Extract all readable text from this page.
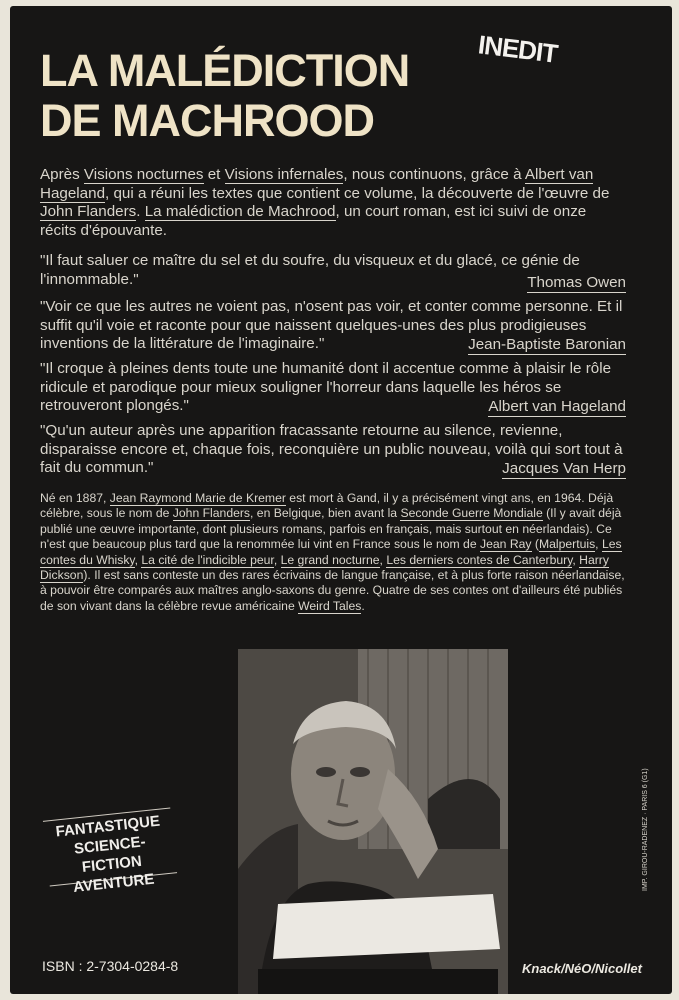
LA MALÉDICTION
DE MACHROOD
INEDIT

Après Visions nocturnes et Visions infernales, nous continuons, grâce à Albert van Hageland, qui a réuni les textes que contient ce volume, la découverte de l'œuvre de John Flanders. La malédiction de Machrood, un court roman, est ici suivi de onze récits d'épouvante.

"Il faut saluer ce maître du sel et du soufre, du visqueux et du glacé, ce génie de l'innommable."	Thomas Owen

"Voir ce que les autres ne voient pas, n'osent pas voir, et conter comme personne. Et il suffit qu'il voie et raconte pour que naissent quelques-unes des plus prodigieuses inventions de la littérature de l'imaginaire."	Jean-Baptiste Baronian

"Il croque à pleines dents toute une humanité dont il accentue comme à plaisir le rôle ridicule et parodique pour mieux souligner l'horreur dans laquelle les héros se retrouveront plongés."	Albert van Hageland

"Qu'un auteur après une apparition fracassante retourne au silence, revienne, disparaisse encore et, chaque fois, reconquière un public nouveau, voilà qui sort tout à fait du commun."	Jacques Van Herp

Né en 1887, Jean Raymond Marie de Kremer est mort à Gand, il y a précisément vingt ans, en 1964. Déjà célèbre, sous le nom de John Flanders, en Belgique, bien avant la Seconde Guerre Mondiale (Il y avait déjà publié une œuvre importante, dont plusieurs romans, parfois en français, mais surtout en néerlandais). Ce n'est que beaucoup plus tard que la renommée lui vint en France sous le nom de Jean Ray (Malpertuis, Les contes du Whisky, La cité de l'indicible peur, Le grand nocturne, Les derniers contes de Canterbury, Harry Dickson). Il est sans conteste un des rares écrivains de langue française, et à plus forte raison néerlandaise, à pouvoir être comparés aux maîtres anglo-saxons du genre. Quatre de ses contes ont d'ailleurs été publiés de son vivant dans la célèbre revue américaine Weird Tales.

FANTASTIQUE
SCIENCE-FICTION
AVENTURE
ISBN : 2-7304-0284-8	Knack/NéO/Nicollet
IMP. GIROU-RADENEZ · PARIS 6 (G1)
